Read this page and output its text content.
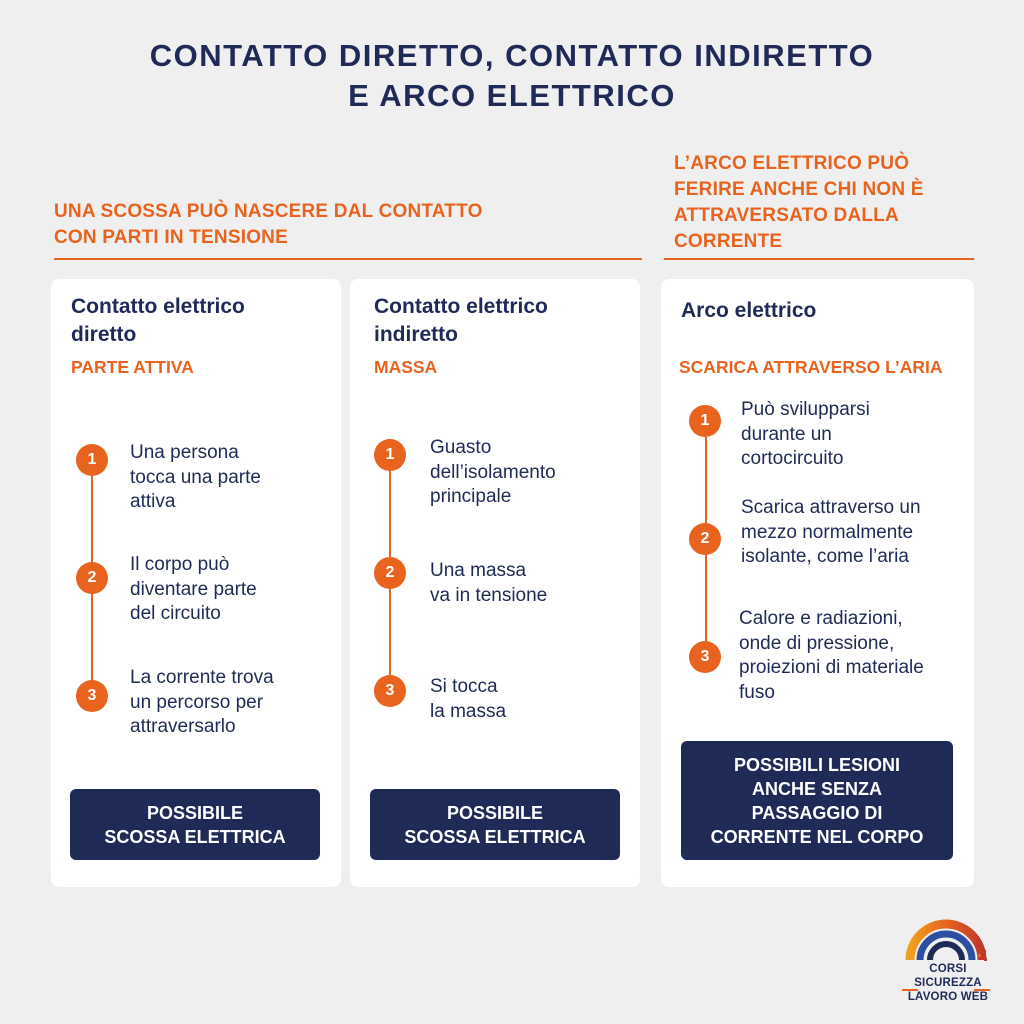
CONTATTO DIRETTO, CONTATTO INDIRETTO
E ARCO ELETTRICO
UNA SCOSSA PUÒ NASCERE DAL CONTATTO
CON PARTI IN TENSIONE
L’ARCO ELETTRICO PUÒ
FERIRE ANCHE CHI NON È
ATTRAVERSATO DALLA
CORRENTE
Contatto elettrico
diretto
PARTE ATTIVA
1	Una persona
tocca una parte
attiva
2
Il corpo può
diventare parte
del circuito
3
La corrente trova
un percorso per
attraversarlo
POSSIBILE
SCOSSA ELETTRICA
Contatto elettrico
indiretto
MASSA
1	Guasto
dell’isolamento
principale
2	Una massa
va in tensione
3	Si tocca
la massa
POSSIBILE
SCOSSA ELETTRICA
Arco elettrico
SCARICA ATTRAVERSO L’ARIA
1
Può svilupparsi
durante un
cortocircuito
2
Scarica attraverso un
mezzo normalmente
isolante, come l’aria
3
Calore e radiazioni,
onde di pressione,
proiezioni di materiale
fuso
POSSIBILI LESIONI
ANCHE SENZA
PASSAGGIO DI
CORRENTE NEL CORPO
CORSI SICUREZZA
LAVORO WEB
